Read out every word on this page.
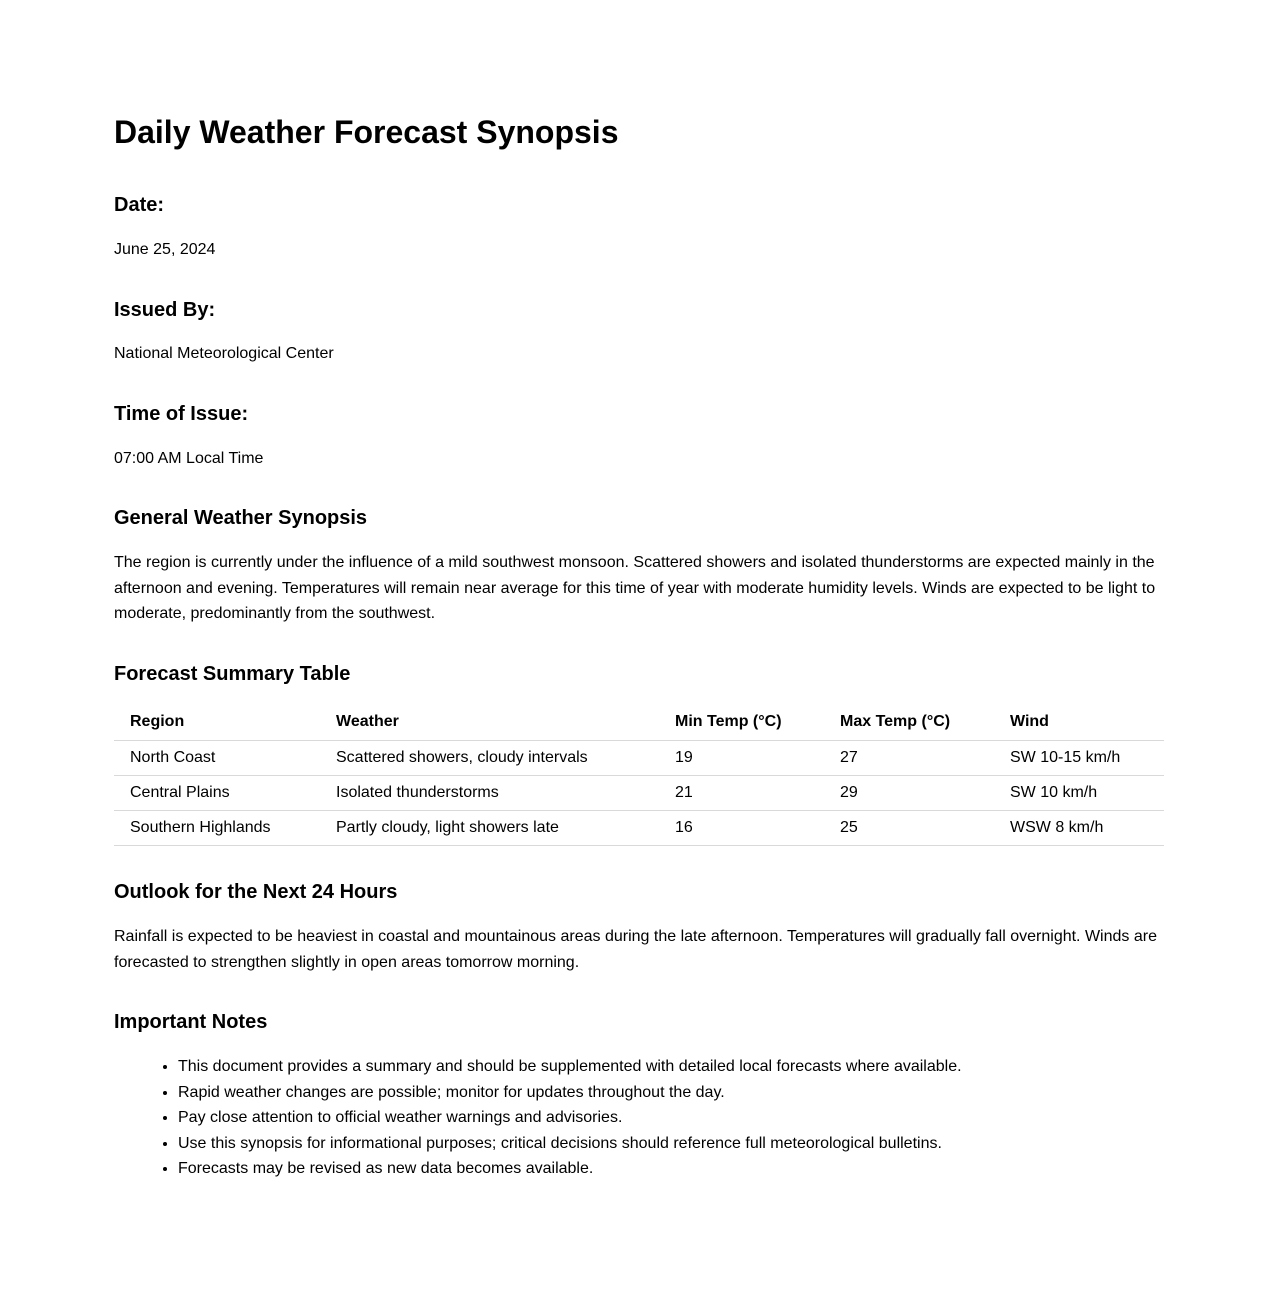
Daily Weather Forecast Synopsis
Date:

June 25, 2024

Issued By:

National Meteorological Center

Time of Issue:

07:00 AM Local Time

General Weather Synopsis

The region is currently under the influence of a mild southwest monsoon. Scattered showers and isolated thunderstorms are expected mainly in the afternoon and evening. Temperatures will remain near average for this time of year with moderate humidity levels. Winds are expected to be light to moderate, predominantly from the southwest.

Forecast Summary Table
Region	Weather	Min Temp (°C)	Max Temp (°C)	Wind
North Coast	Scattered showers, cloudy intervals	19	27	SW 10-15 km/h
Central Plains	Isolated thunderstorms	21	29	SW 10 km/h
Southern Highlands	Partly cloudy, light showers late	16	25	WSW 8 km/h
Outlook for the Next 24 Hours

Rainfall is expected to be heaviest in coastal and mountainous areas during the late afternoon. Temperatures will gradually fall overnight. Winds are forecasted to strengthen slightly in open areas tomorrow morning.

Important Notes
• This document provides a summary and should be supplemented with detailed local forecasts where available.
• Rapid weather changes are possible; monitor for updates throughout the day.
• Pay close attention to official weather warnings and advisories.
• Use this synopsis for informational purposes; critical decisions should reference full meteorological bulletins.
• Forecasts may be revised as new data becomes available.
